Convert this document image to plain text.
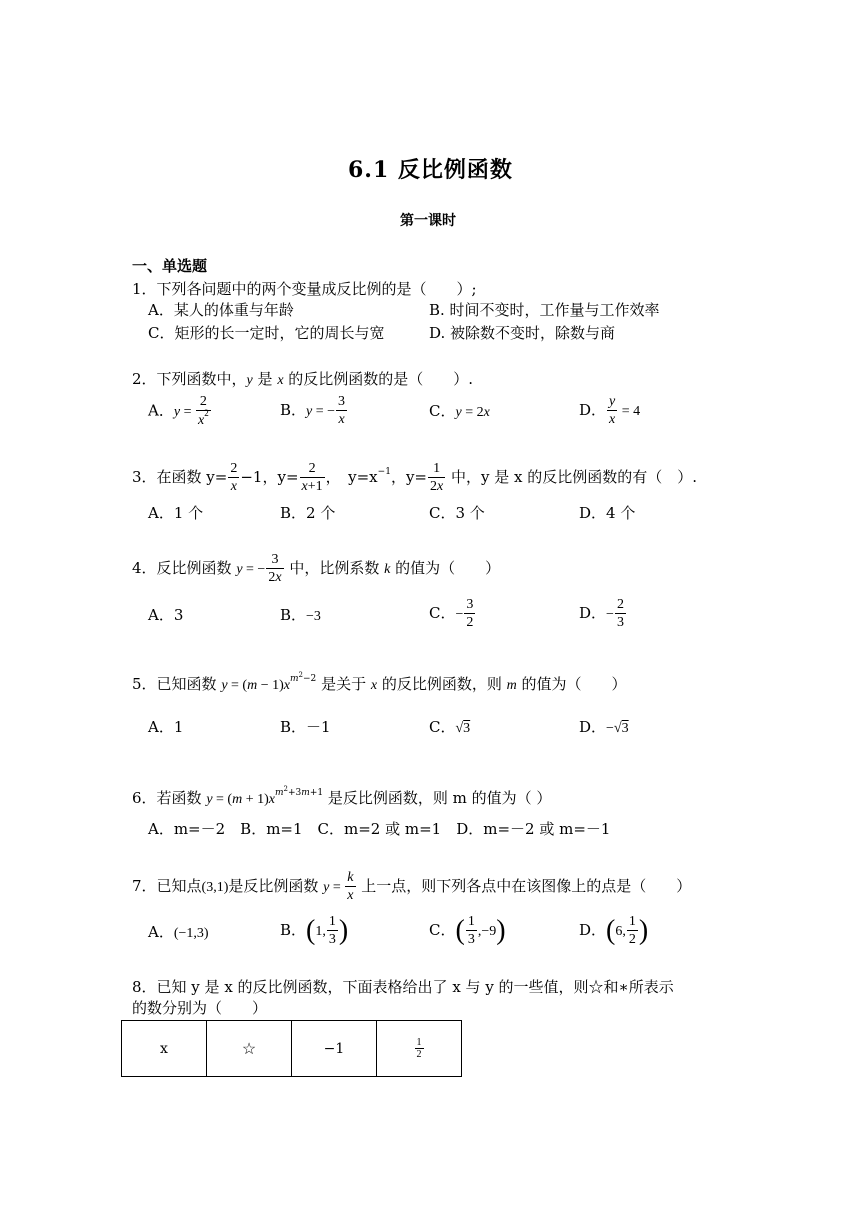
6.1 反比例函数
第一课时
一、单选题
1．下列各问题中的两个变量成反比例的是（　　）;
A．某人的体重与年龄	B. 时间不变时，工作量与工作效率
C．矩形的长一定时，它的周长与宽	D. 被除数不变时，除数与商
2．下列函数中，y 是 x 的反比例函数的是（　　）.
A．$y = \frac{2}{x^2}$	B．y = − $\frac{3}{x}$	C．y = 2x	D． $\frac{y}{x} = 4$
3．在函数 $y= \frac{2}{x} -1$，$y= \frac{2}{x+1}$ ，　$y=x^{-1}$，$y= \frac{1}{2x}$ 中，y 是 x 的反比例函数的有（　）.
A．1 个	B．2 个	C．3 个	D．4 个
4．反比例函数 y = − $\frac{3}{2x}$ 中，比例系数 k 的值为（　　）
A．3	B．−3	C．− $\frac{3}{2}$	D．− $\frac{2}{3}$
5．已知函数 $y = (m - 1)x^{m^2-2}$ 是关于 x 的反比例函数，则 m 的值为（　　）
A．1	B．－1	C．√3	D．−√3
6．若函数 $y = (m + 1)x^{m^2+3m+1}$ 是反比例函数，则 m 的值为（ ）
A．m=－2　B．m=1　C．m=2 或 m=1　D．m=－2 或 m=－1
7．已知点(3,1)是反比例函数 $y = \frac{k}{x}$ 上一点，则下列各点中在该图像上的点是（　　）
A．(−1,3)	B．(1, $\frac{1}{3}$ )	C．( $\frac{1}{3} ,-9$)	D．(6, $\frac{1}{2}$ )
8．已知 y 是 x 的反比例函数，下面表格给出了 x 与 y 的一些值，则☆和∗所表示
的数分别为（　　）
x	☆	−1	$\frac{1}{2}$
